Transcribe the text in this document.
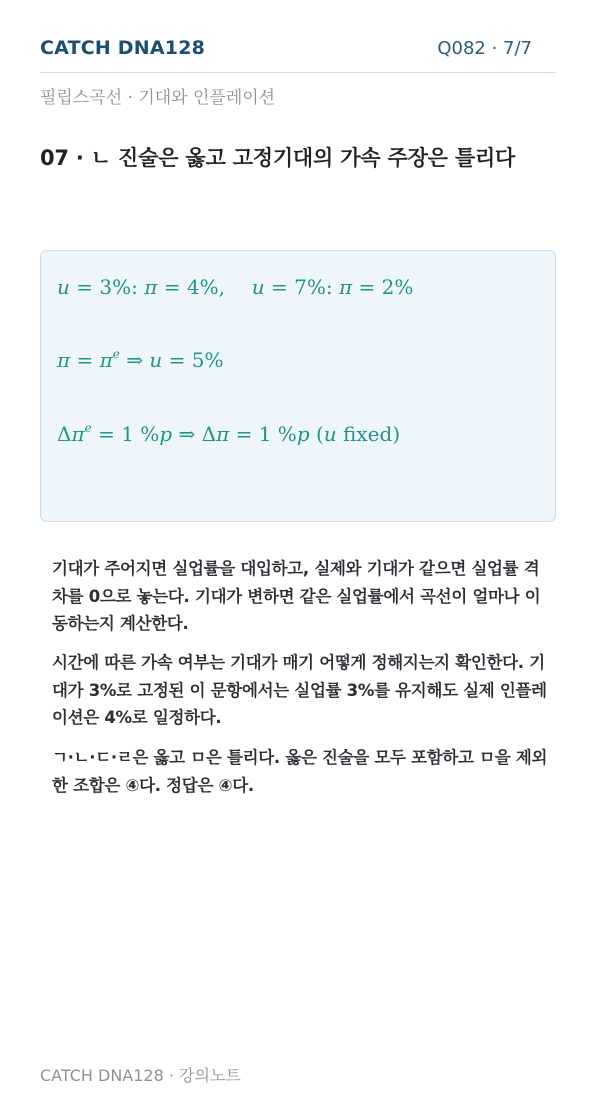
CATCH DNA128	Q082 · 7/7
필립스곡선 · 기대와 인플레이션
07 · ㄴ 진술은 옳고 고정기대의 가속 주장은 틀리다
u = 3%: π = 4%, u = 7%: π = 2%
$\pi = \pi^e$ ⇒ u = 5%
$\Delta\pi^e = 1$ %p ⇒ Δπ = 1 %p (u fixed)
기대가 주어지면 실업률을 대입하고, 실제와 기대가 같으면 실업률 격차를 0으로 놓는다. 기대가 변하면 같은 실업률에서 곡선이 얼마나 이동하는지 계산한다.
시간에 따른 가속 여부는 기대가 매기 어떻게 정해지는지 확인한다. 기대가 3%로 고정된 이 문항에서는 실업률 3%를 유지해도 실제 인플레이션은 4%로 일정하다.
ㄱ·ㄴ·ㄷ·ㄹ은 옳고 ㅁ은 틀리다. 옳은 진술을 모두 포함하고 ㅁ을 제외한 조합은 ④다. 정답은 ④다.
CATCH DNA128 · 강의노트
